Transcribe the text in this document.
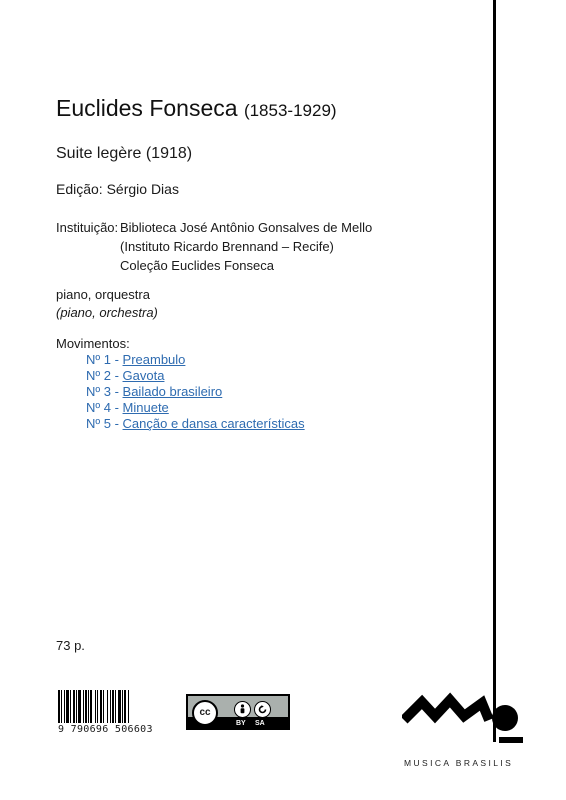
Euclides Fonseca (1853-1929)
Suite legère (1918)
Edição: Sérgio Dias
Instituição: Biblioteca José Antônio Gonsalves de Mello
(Instituto Ricardo Brennand – Recife)
Coleção Euclides Fonseca
piano, orquestra
(piano, orchestra)
Movimentos:
Nº 1 - Preambulo
Nº 2 - Gavota
Nº 3 - Bailado brasileiro
Nº 4 - Minuete
Nº 5 - Canção e dansa características
73 p.
9 790696 506603
cc
BY SA
MUSICA BRASILIS
